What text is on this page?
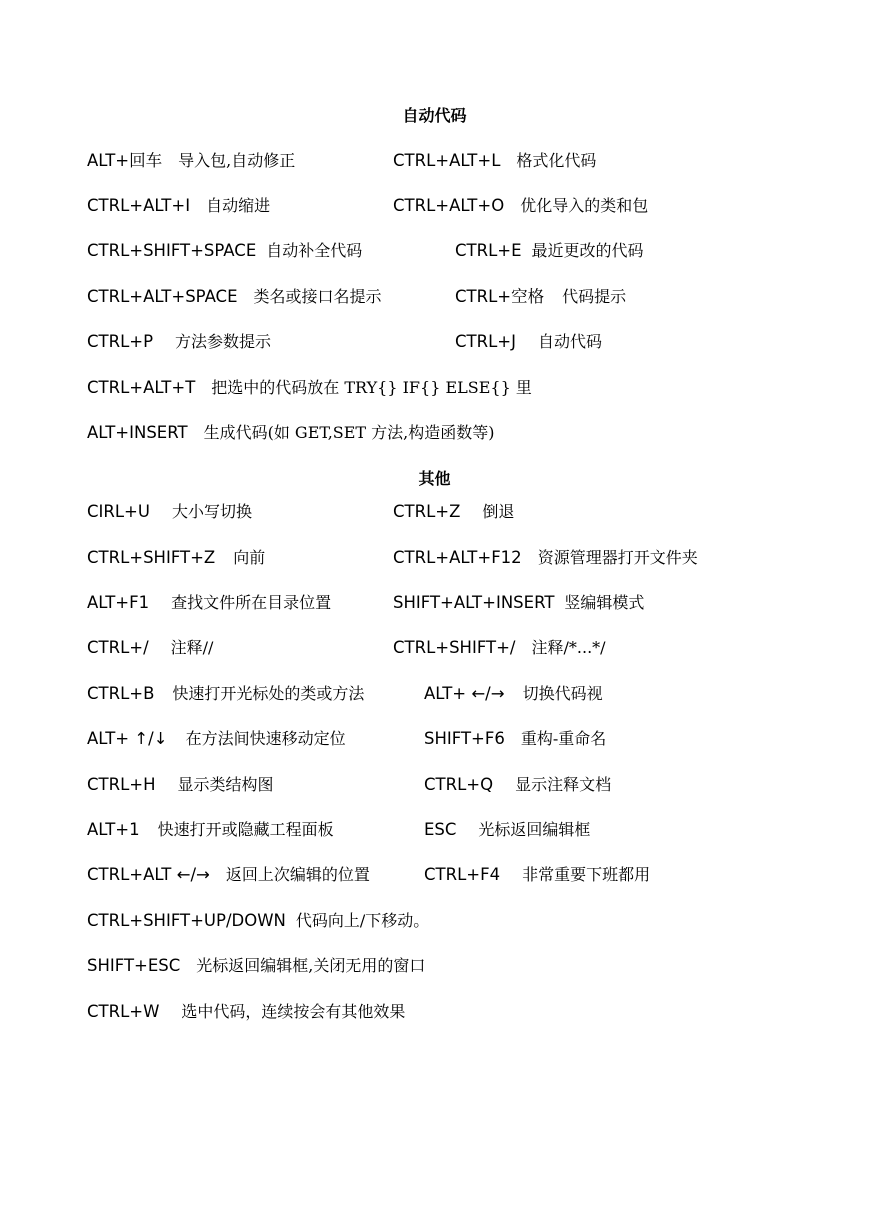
自动代码
ALT+回车 导入包,自动修正	CTRL+ALT+L 格式化代码
CTRL+ALT+I 自动缩进	CTRL+ALT+O 优化导入的类和包
CTRL+SHIFT+SPACE 自动补全代码	CTRL+E 最近更改的代码
CTRL+ALT+SPACE 类名或接口名提示	CTRL+空格 代码提示
CTRL+P 方法参数提示	CTRL+J 自动代码
CTRL+ALT+T 把选中的代码放在 TRY{} IF{} ELSE{} 里
ALT+INSERT 生成代码(如 GET,SET 方法,构造函数等)
其他
CIRL+U 大小写切换	CTRL+Z 倒退
CTRL+SHIFT+Z 向前	CTRL+ALT+F12 资源管理器打开文件夹
ALT+F1 查找文件所在目录位置	SHIFT+ALT+INSERT 竖编辑模式
CTRL+/ 注释//	CTRL+SHIFT+/ 注释/*...*/
CTRL+B 快速打开光标处的类或方法	ALT+ ←/→ 切换代码视
ALT+ ↑/↓ 在方法间快速移动定位	SHIFT+F6 重构-重命名
CTRL+H 显示类结构图	CTRL+Q 显示注释文档
ALT+1 快速打开或隐藏工程面板	ESC 光标返回编辑框
CTRL+ALT ←/→ 返回上次编辑的位置	CTRL+F4 非常重要下班都用
CTRL+SHIFT+UP/DOWN 代码向上/下移动。
SHIFT+ESC 光标返回编辑框,关闭无用的窗口
CTRL+W 选中代码，连续按会有其他效果
